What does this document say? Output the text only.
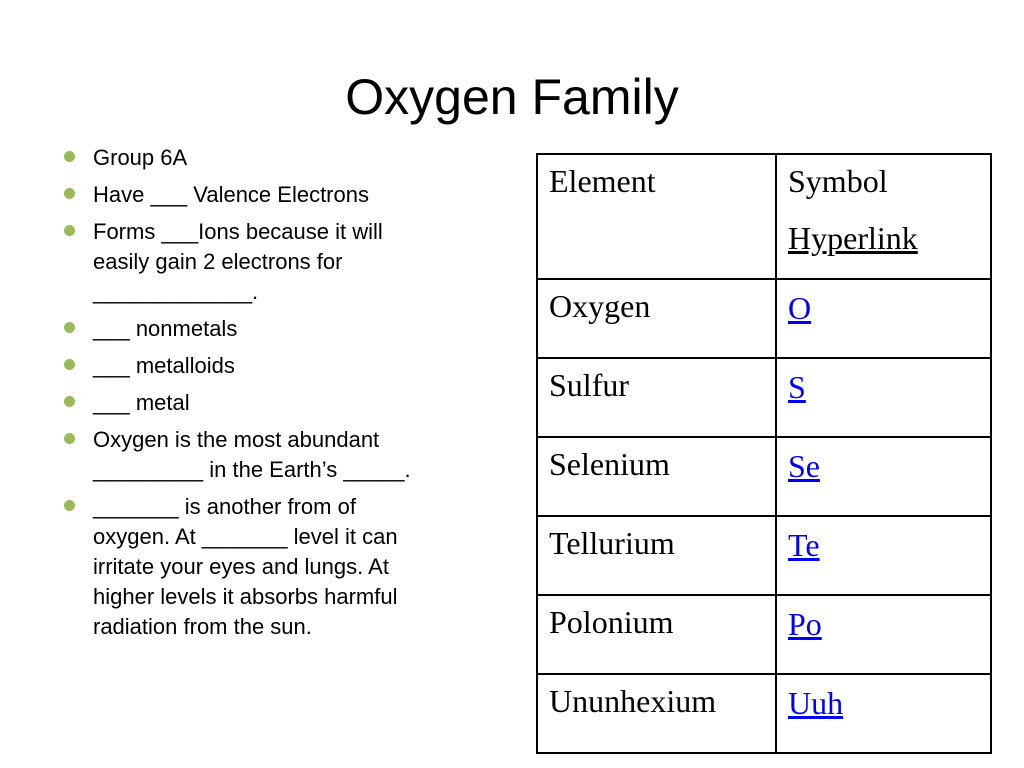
Oxygen Family
Group 6A
Have ___ Valence Electrons
Forms ___Ions because it will
easily gain 2 electrons for
_____________.
___ nonmetals
___ metalloids
___ metal
Oxygen is the most abundant
_________ in the Earth’s _____.
_______ is another from of
oxygen. At _______ level it can
irritate your eyes and lungs. At
higher levels it absorbs harmful
radiation from the sun.
Element	Symbol
Hyperlink

Oxygen	O

Sulfur	S

Selenium	Se

Tellurium	Te

Polonium	Po

Ununhexium	Uuh
